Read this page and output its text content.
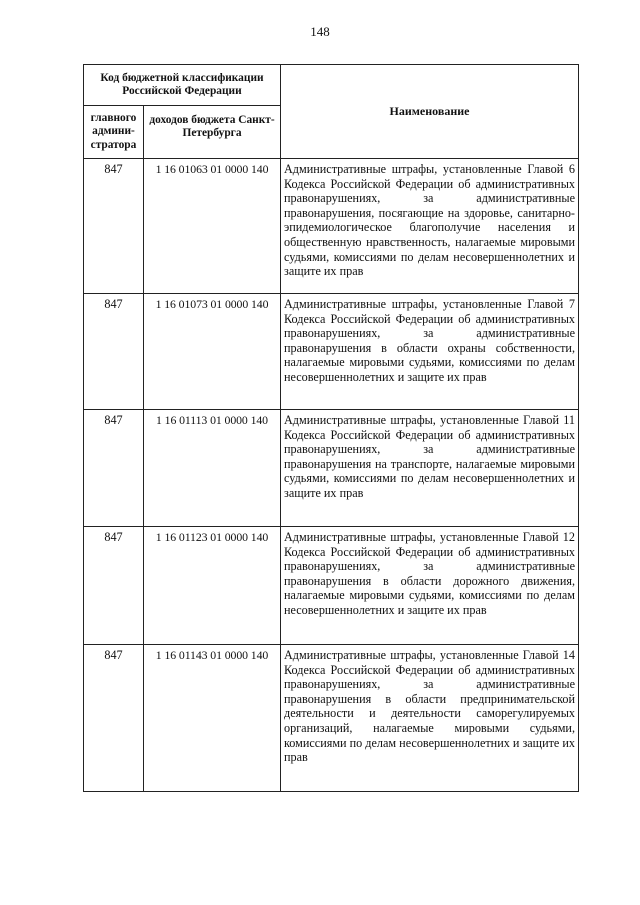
148
Код бюджетной классификации Российской Федерации		Наименование
главного админи-стратора	доходов бюджета Санкт-Петербурга	
847	1 16 01063 01 0000 140	Административные штрафы, установленные Главой 6 Кодекса Российской Федерации об административных правонарушениях, за административные правонарушения, посягающие на здоровье, санитарно-эпидемиологическое благополучие населения и общественную нравственность, налагаемые мировыми судьями, комиссиями по делам несовершеннолетних и защите их прав
847	1 16 01073 01 0000 140	Административные штрафы, установленные Главой 7 Кодекса Российской Федерации об административных правонарушениях, за административные правонарушения в области охраны собственности, налагаемые мировыми судьями, комиссиями по делам несовершеннолетних и защите их прав
847	1 16 01113 01 0000 140	Административные штрафы, установленные Главой 11 Кодекса Российской Федерации об административных правонарушениях, за административные правонарушения на транспорте, налагаемые мировыми судьями, комиссиями по делам несовершеннолетних и защите их прав
847	1 16 01123 01 0000 140	Административные штрафы, установленные Главой 12 Кодекса Российской Федерации об административных правонарушениях, за административные правонарушения в области дорожного движения, налагаемые мировыми судьями, комиссиями по делам несовершеннолетних и защите их прав
847	1 16 01143 01 0000 140	Административные штрафы, установленные Главой 14 Кодекса Российской Федерации об административных правонарушениях, за административные правонарушения в области предпринимательской деятельности и деятельности саморегулируемых организаций, налагаемые мировыми судьями, комиссиями по делам несовершеннолетних и защите их прав
